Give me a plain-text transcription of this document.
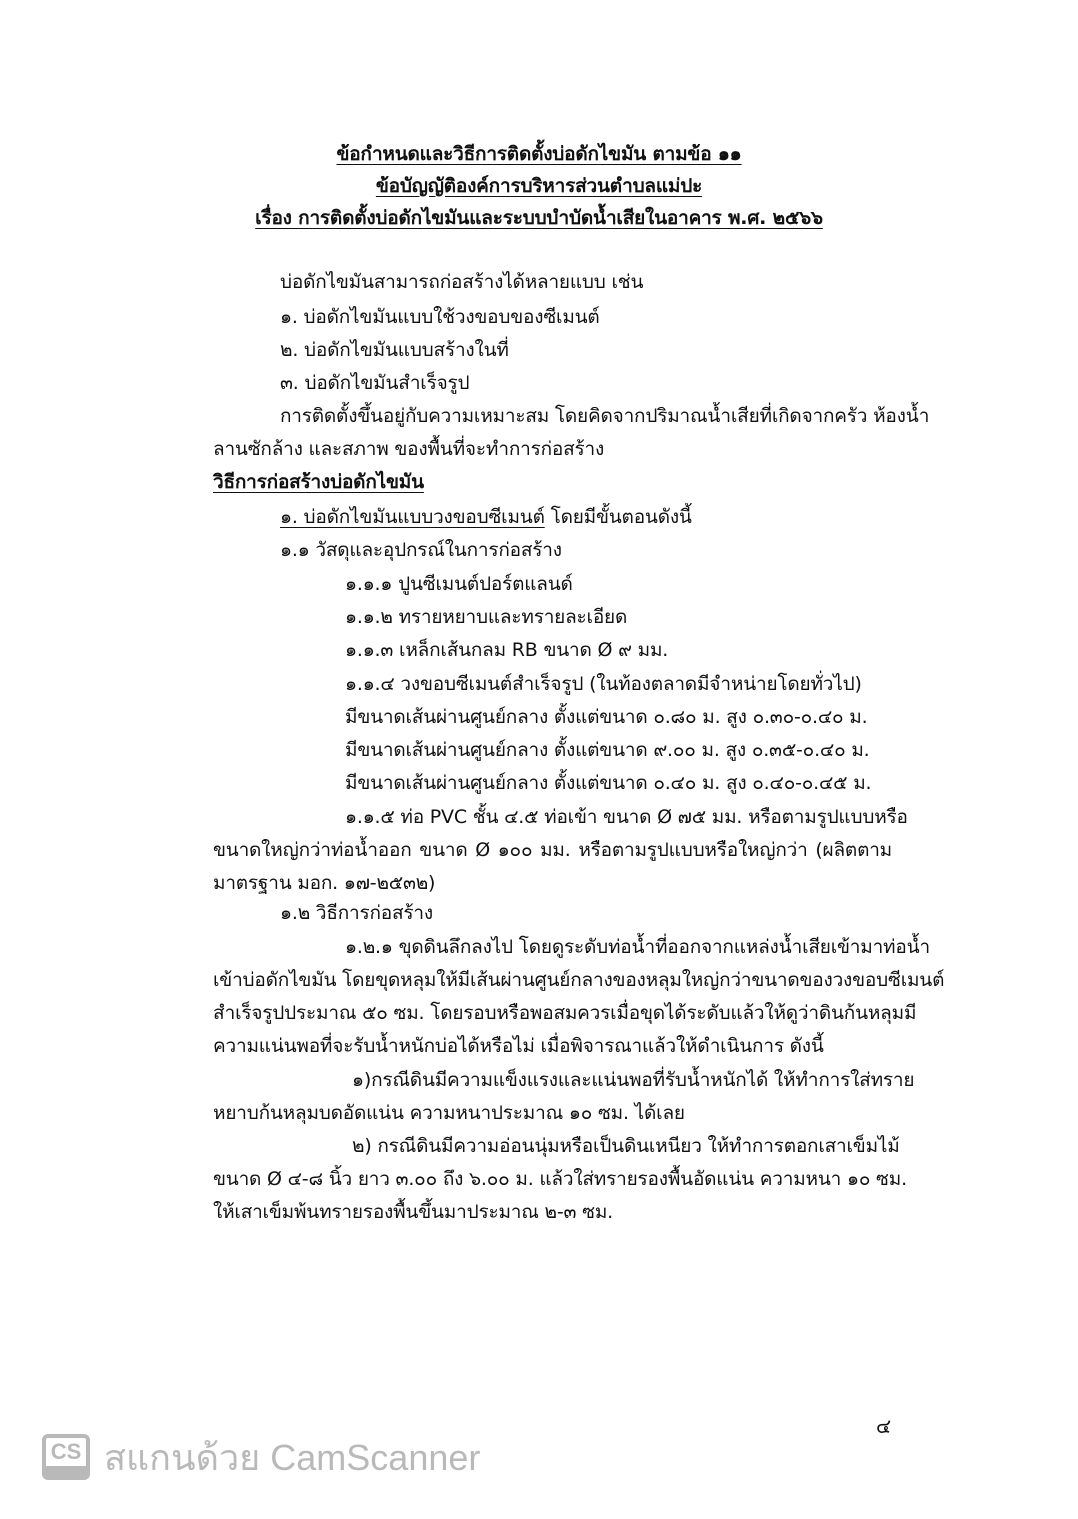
ข้อกำหนดและวิธีการติดตั้งบ่อดักไขมัน ตามข้อ ๑๑
ข้อบัญญัติองค์การบริหารส่วนตำบลแม่ปะ
เรื่อง การติดตั้งบ่อดักไขมันและระบบบำบัดน้ำเสียในอาคาร พ.ศ. ๒๕๖๖
บ่อดักไขมันสามารถก่อสร้างได้หลายแบบ เช่น
๑. บ่อดักไขมันแบบใช้วงขอบของซีเมนต์
๒. บ่อดักไขมันแบบสร้างในที่
๓. บ่อดักไขมันสำเร็จรูป
การติดตั้งขึ้นอยู่กับความเหมาะสม โดยคิดจากปริมาณน้ำเสียที่เกิดจากครัว ห้องน้ำ
ลานซักล้าง และสภาพ ของพื้นที่จะทำการก่อสร้าง
วิธีการก่อสร้างบ่อดักไขมัน
๑. บ่อดักไขมันแบบวงขอบซีเมนต์ โดยมีขั้นตอนดังนี้
๑.๑ วัสดุและอุปกรณ์ในการก่อสร้าง
๑.๑.๑ ปูนซีเมนต์ปอร์ตแลนด์
๑.๑.๒ ทรายหยาบและทรายละเอียด
๑.๑.๓ เหล็กเส้นกลม RB ขนาด Ø ๙ มม.
๑.๑.๔ วงขอบซีเมนต์สำเร็จรูป (ในท้องตลาดมีจำหน่ายโดยทั่วไป)
มีขนาดเส้นผ่านศูนย์กลาง ตั้งแต่ขนาด ๐.๘๐ ม. สูง ๐.๓๐-๐.๔๐ ม.
มีขนาดเส้นผ่านศูนย์กลาง ตั้งแต่ขนาด ๙.๐๐ ม. สูง ๐.๓๕-๐.๔๐ ม.
มีขนาดเส้นผ่านศูนย์กลาง ตั้งแต่ขนาด ๐.๔๐ ม. สูง ๐.๔๐-๐.๔๕ ม.
๑.๑.๕ ท่อ PVC ชั้น ๔.๕ ท่อเข้า ขนาด Ø ๗๕ มม. หรือตามรูปแบบหรือ
ขนาดใหญ่กว่าท่อน้ำออก ขนาด Ø ๑๐๐ มม. หรือตามรูปแบบหรือใหญ่กว่า (ผลิตตาม
มาตรฐาน มอก. ๑๗-๒๕๓๒)
๑.๒ วิธีการก่อสร้าง
๑.๒.๑ ขุดดินลึกลงไป โดยดูระดับท่อน้ำที่ออกจากแหล่งน้ำเสียเข้ามาท่อน้ำ
เข้าบ่อดักไขมัน โดยขุดหลุมให้มีเส้นผ่านศูนย์กลางของหลุมใหญ่กว่าขนาดของวงขอบซีเมนต์
สำเร็จรูปประมาณ ๕๐ ซม. โดยรอบหรือพอสมควรเมื่อขุดได้ระดับแล้วให้ดูว่าดินก้นหลุมมี
ความแน่นพอที่จะรับน้ำหนักบ่อได้หรือไม่ เมื่อพิจารณาแล้วให้ดำเนินการ ดังนี้
๑)กรณีดินมีความแข็งแรงและแน่นพอที่รับน้ำหนักได้ ให้ทำการใส่ทราย
หยาบก้นหลุมบดอัดแน่น ความหนาประมาณ ๑๐ ซม. ได้เลย
๒) กรณีดินมีความอ่อนนุ่มหรือเป็นดินเหนียว ให้ทำการตอกเสาเข็มไม้
ขนาด Ø ๔-๘ นิ้ว ยาว ๓.๐๐ ถึง ๖.๐๐ ม. แล้วใส่ทรายรองพื้นอัดแน่น ความหนา ๑๐ ซม.
ให้เสาเข็มพ้นทรายรองพื้นขึ้นมาประมาณ ๒-๓ ซม.
๔
CS สแกนด้วย CamScanner
